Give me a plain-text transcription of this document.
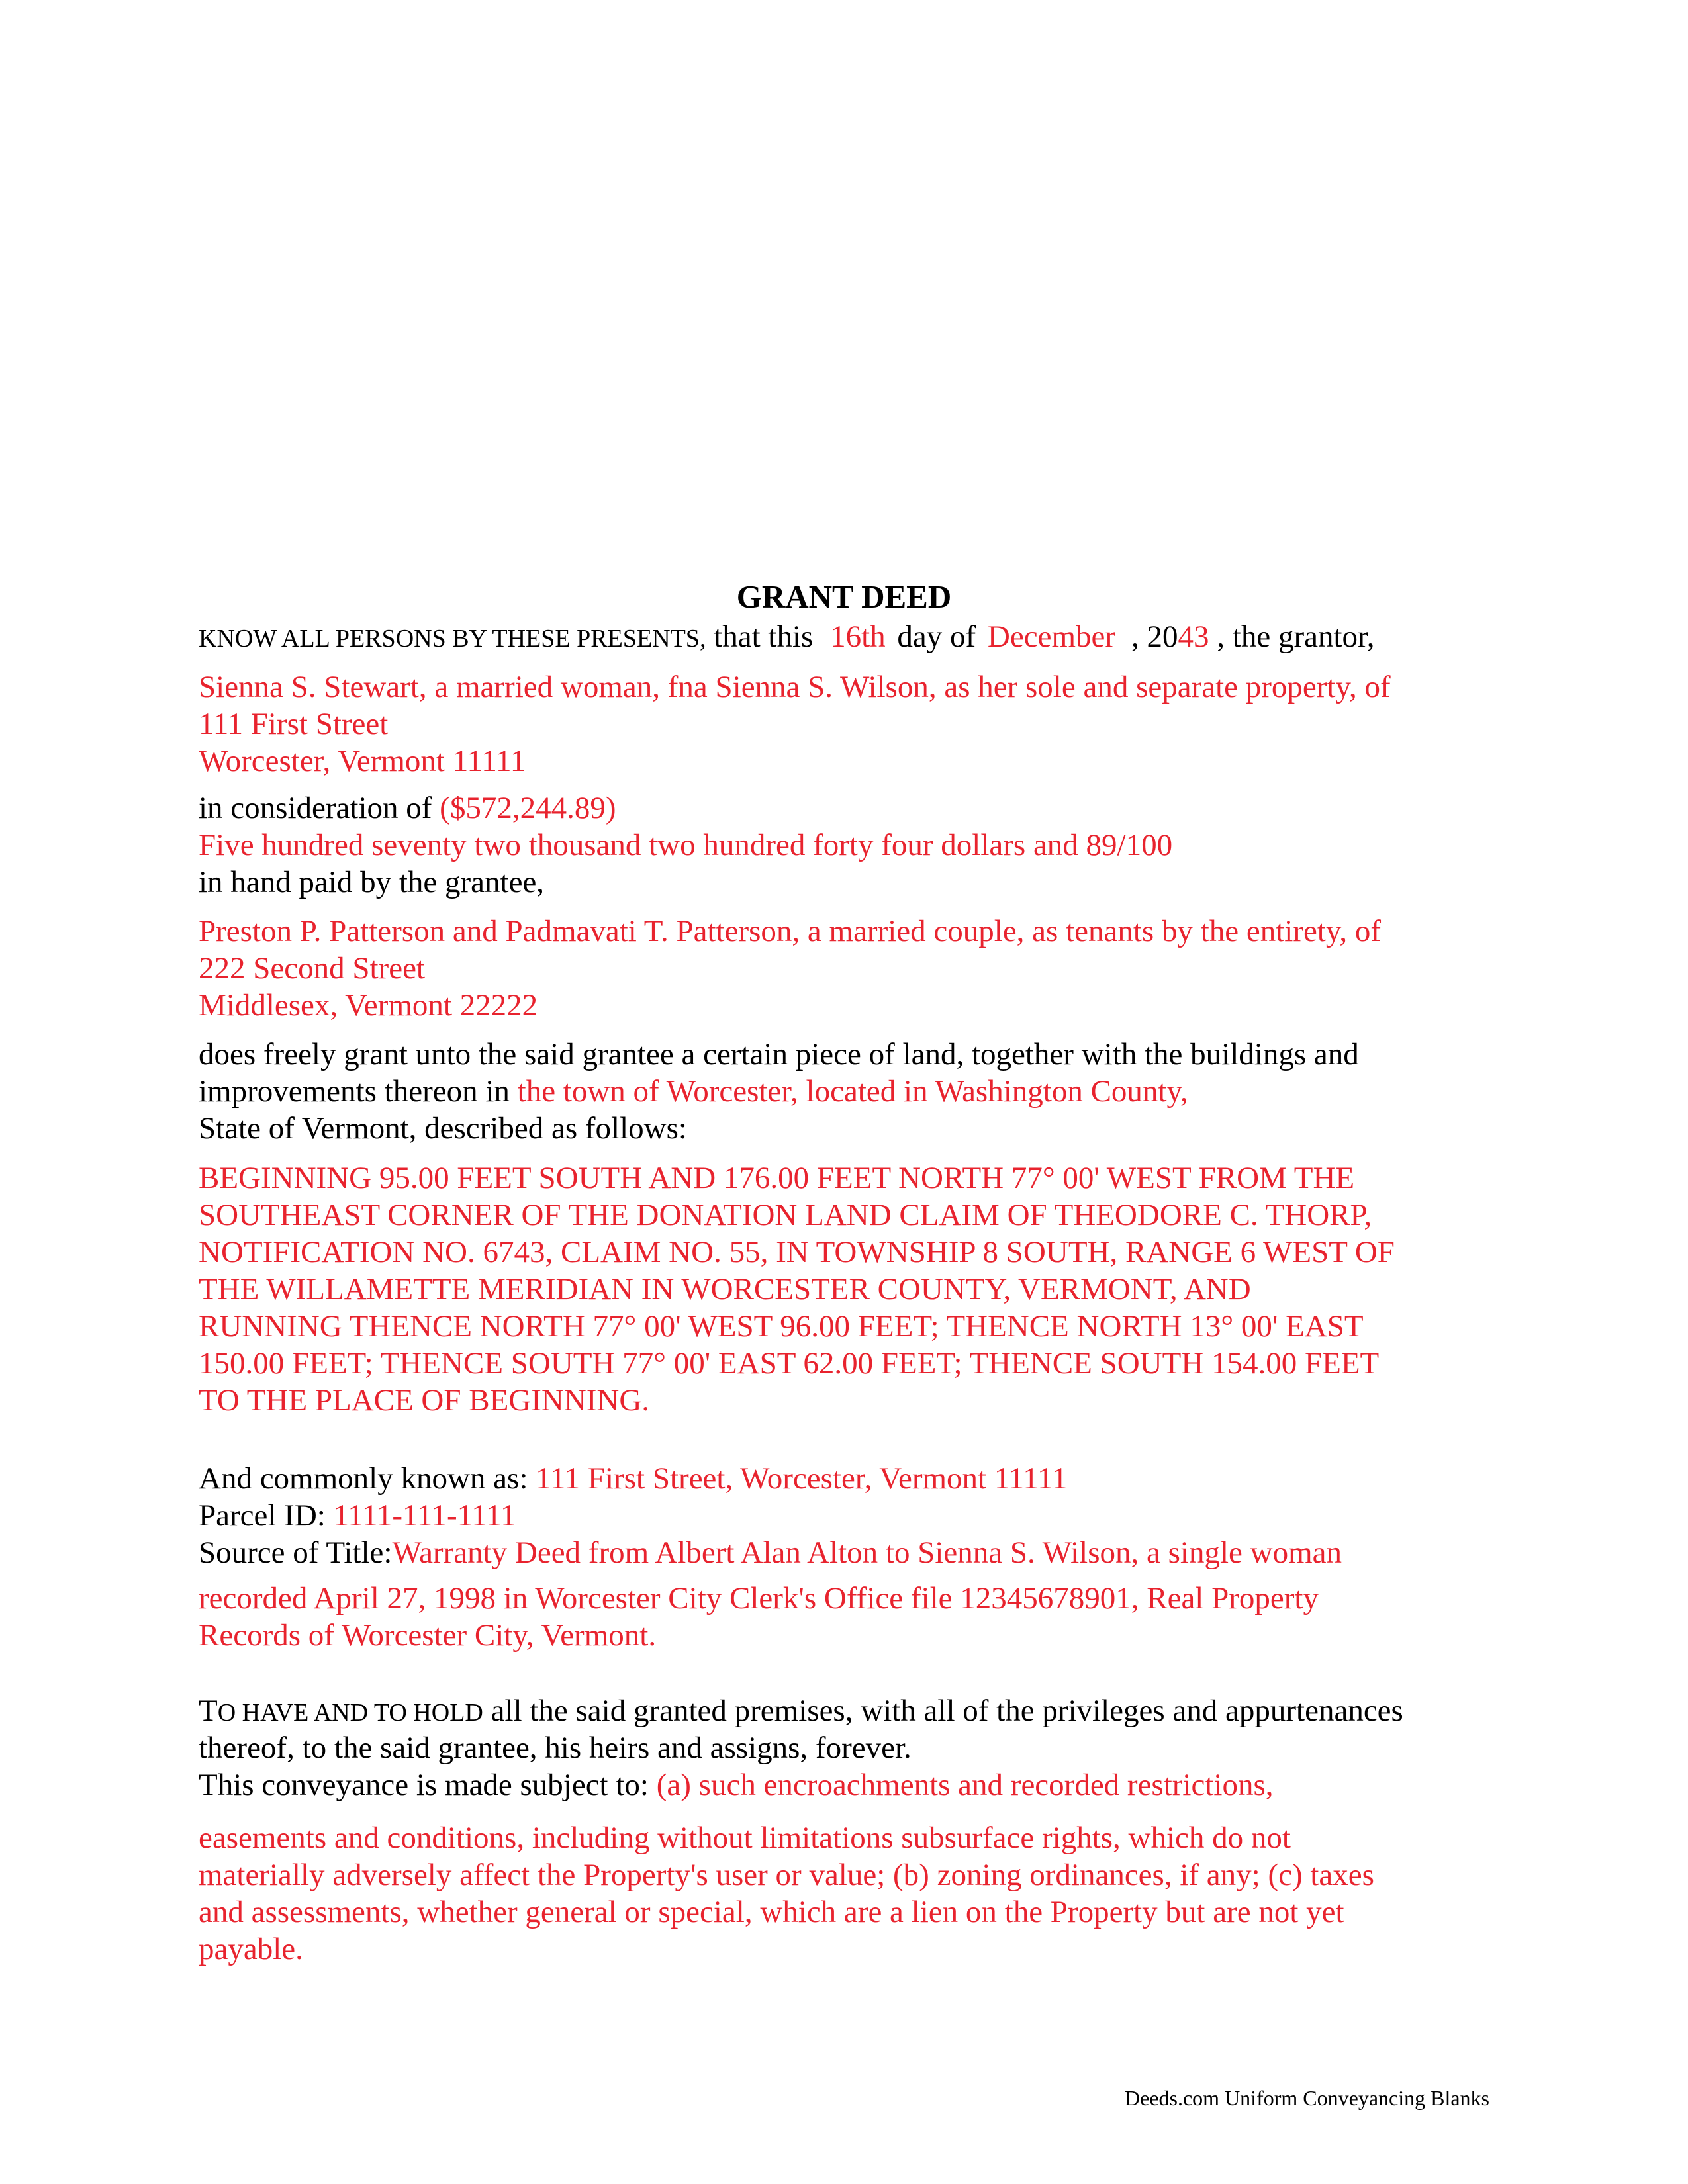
GRANT DEED
KNOW ALL PERSONS BY THESE PRESENTS, that this 16th day of December , 2043 , the grantor,
Sienna S. Stewart, a married woman, fna Sienna S. Wilson, as her sole and separate property, of
111 First Street
Worcester, Vermont 11111
in consideration of ($572,244.89)
Five hundred seventy two thousand two hundred forty four dollars and 89/100
in hand paid by the grantee,
Preston P. Patterson and Padmavati T. Patterson, a married couple, as tenants by the entirety, of
222 Second Street
Middlesex, Vermont 22222
does freely grant unto the said grantee a certain piece of land, together with the buildings and
improvements thereon in the town of Worcester, located in Washington County,
State of Vermont, described as follows:
BEGINNING 95.00 FEET SOUTH AND 176.00 FEET NORTH 77° 00' WEST FROM THE
SOUTHEAST CORNER OF THE DONATION LAND CLAIM OF THEODORE C. THORP,
NOTIFICATION NO. 6743, CLAIM NO. 55, IN TOWNSHIP 8 SOUTH, RANGE 6 WEST OF
THE WILLAMETTE MERIDIAN IN WORCESTER COUNTY, VERMONT, AND
RUNNING THENCE NORTH 77° 00' WEST 96.00 FEET; THENCE NORTH 13° 00' EAST
150.00 FEET; THENCE SOUTH 77° 00' EAST 62.00 FEET; THENCE SOUTH 154.00 FEET
TO THE PLACE OF BEGINNING.
And commonly known as: 111 First Street, Worcester, Vermont 11111
Parcel ID: 1111-111-1111
Source of Title:Warranty Deed from Albert Alan Alton to Sienna S. Wilson, a single woman
recorded April 27, 1998 in Worcester City Clerk's Office file 12345678901, Real Property
Records of Worcester City, Vermont.
TO HAVE AND TO HOLD all the said granted premises, with all of the privileges and appurtenances
thereof, to the said grantee, his heirs and assigns, forever.
This conveyance is made subject to: (a) such encroachments and recorded restrictions,
easements and conditions, including without limitations subsurface rights, which do not
materially adversely affect the Property's user or value; (b) zoning ordinances, if any; (c) taxes
and assessments, whether general or special, which are a lien on the Property but are not yet
payable.
Deeds.com Uniform Conveyancing Blanks
